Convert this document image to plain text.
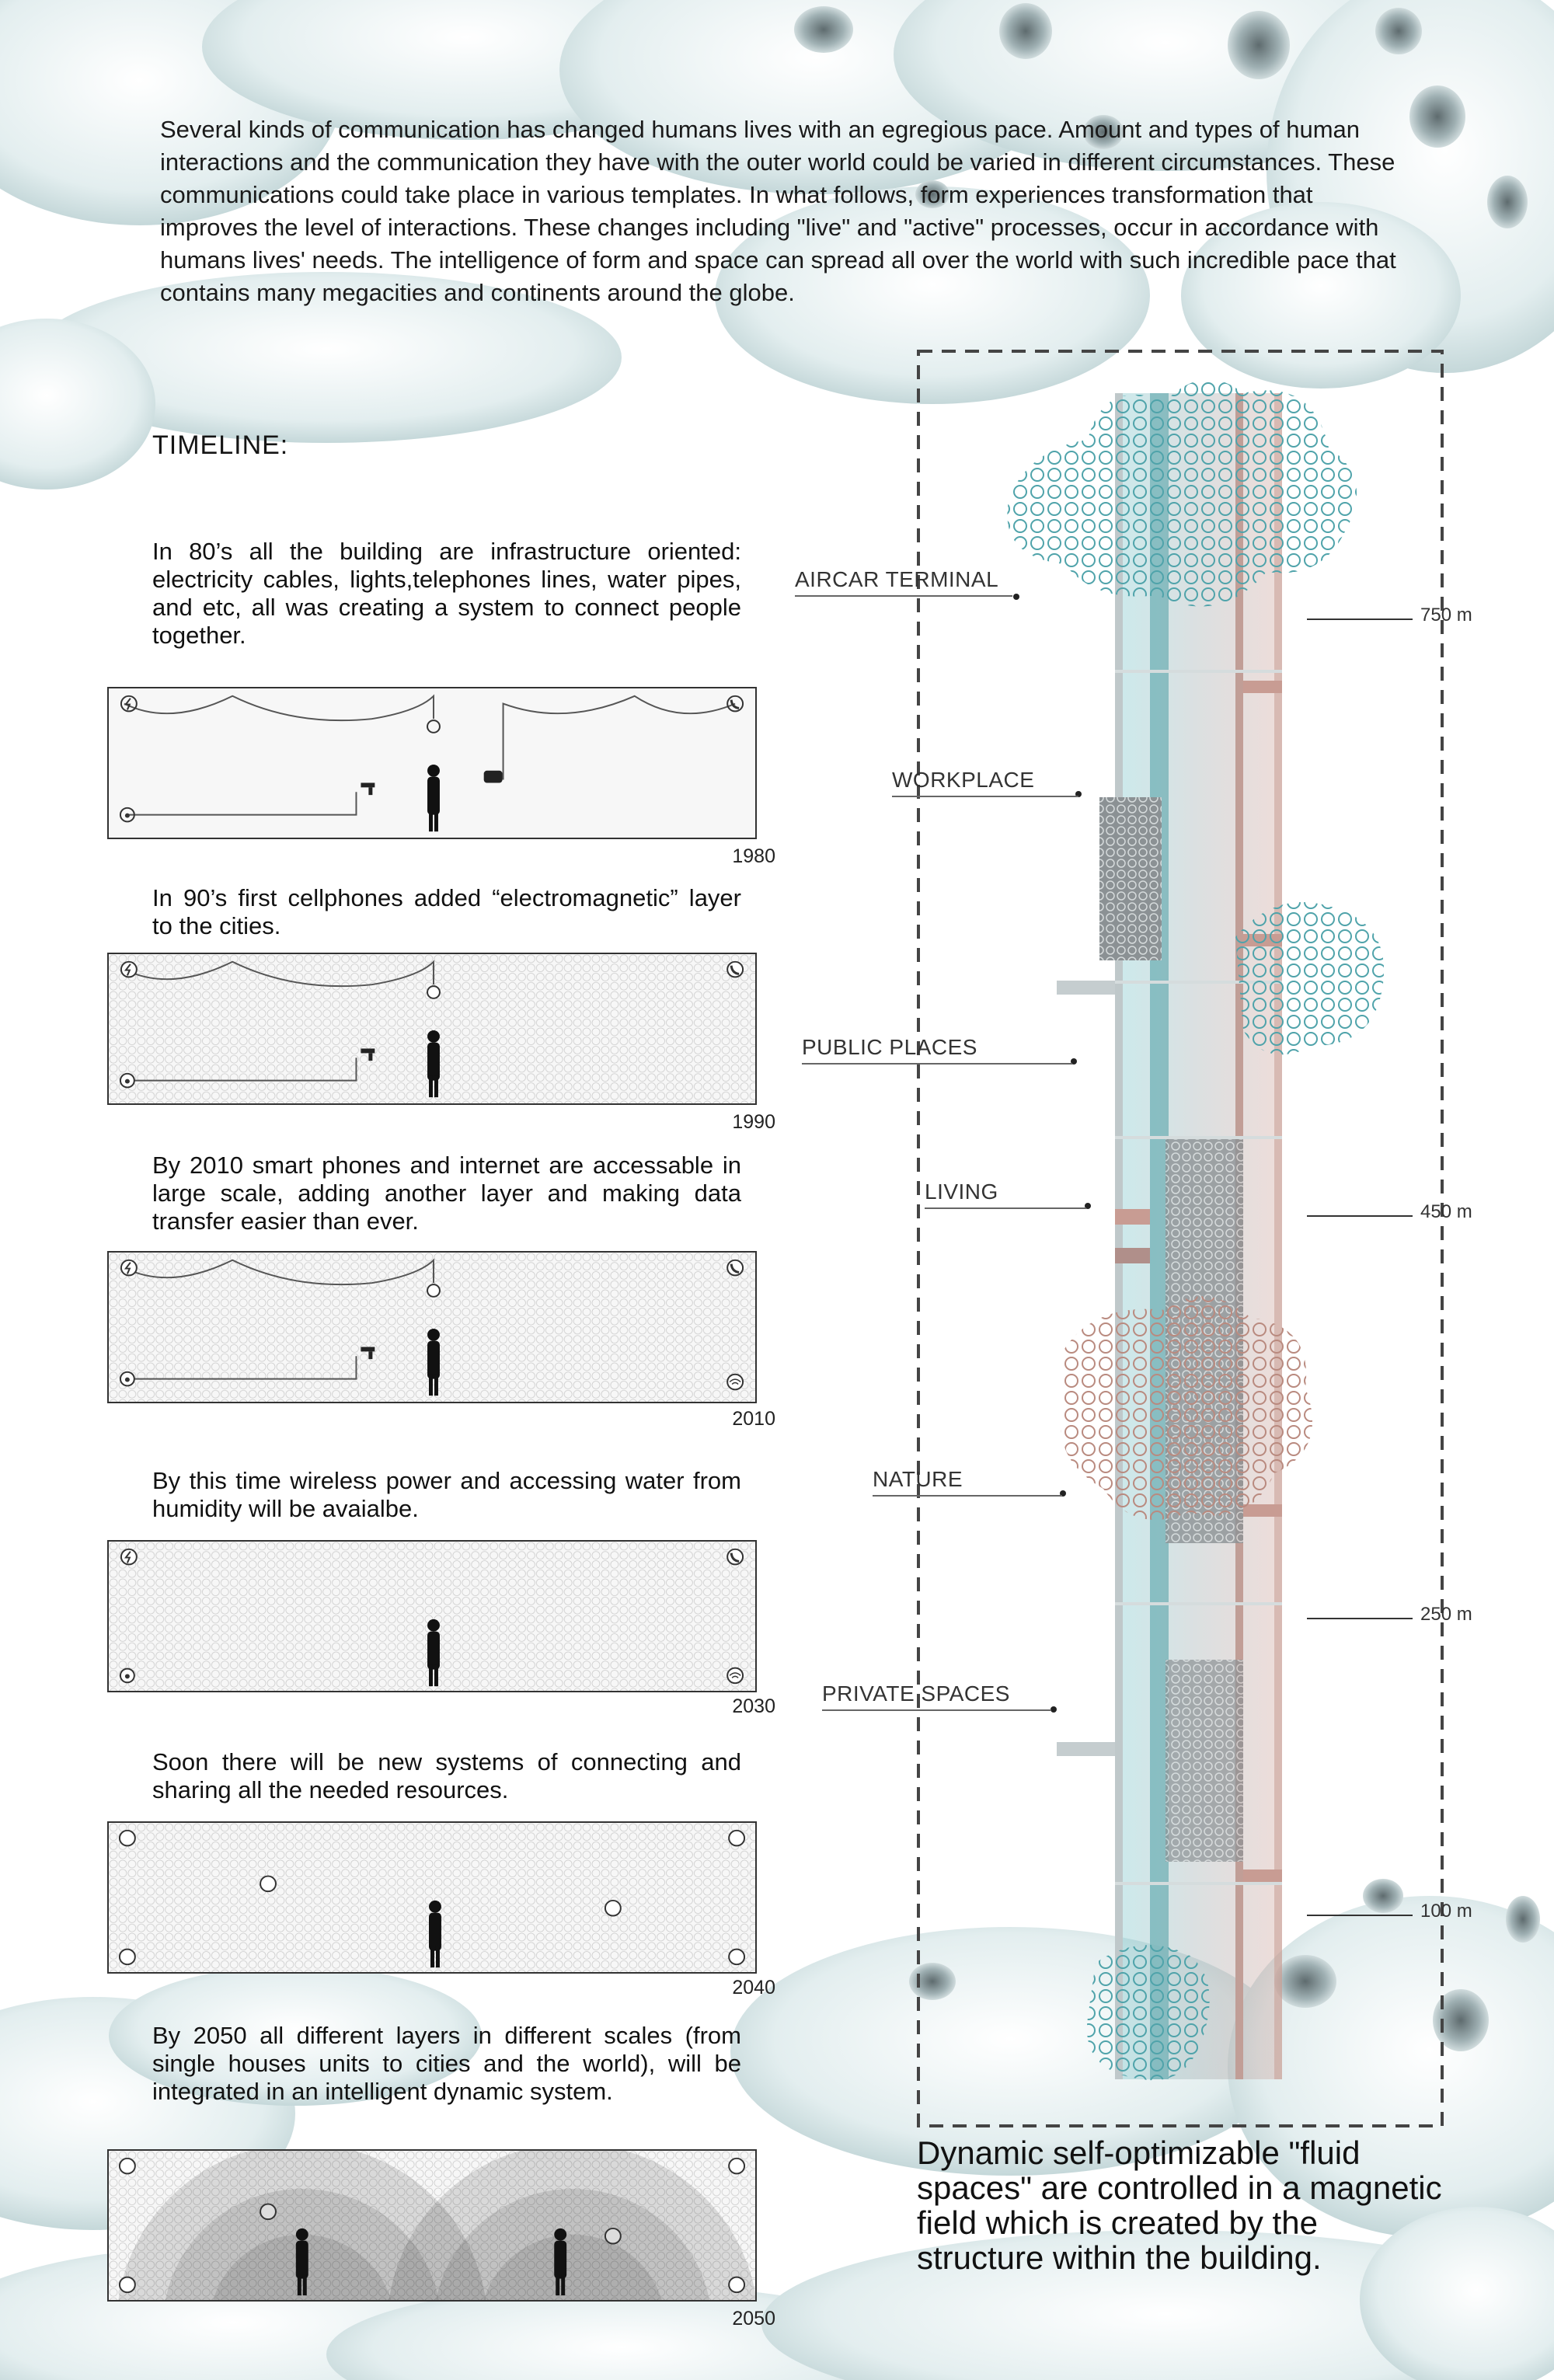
Several kinds of communication has changed humans lives with an egregious pace. Amount and types of human interactions and the communication they have with the outer world could be varied in different circumstances. These communications could take place in various templates. In what follows, form experiences transformation that improves the level of interactions. These changes including "live" and "active" processes, occur in accordance with humans lives' needs. The intelligence of form and space can spread all over the world with such incredible pace that contains many megacities and continents around the globe.
TIMELINE:
In 80’s all the building are infrastructure oriented: electricity cables, lights,telephones lines, water pipes, and etc, all was creating a system to connect people together.
1980
In 90’s first cellphones added “electromagnetic” layer to the cities.
1990
By 2010 smart phones and internet are accessable in large scale, adding another layer and making data transfer easier than ever.
2010
By this time wireless power and accessing water from humidity will be avaialbe.
2030
Soon there will be new systems of connecting and sharing all the needed resources.
2040
By 2050 all different layers in different scales (from single houses units to cities and the world), will be integrated in an intelligent dynamic system.
2050
AIRCAR TERMINAL
WORKPLACE
PUBLIC PLACES
LIVING
NATURE
PRIVATE SPACES
750 m
450 m
250 m
100 m
Dynamic self-optimizable "fluid spaces" are controlled in a magnetic field which is created by the structure within the building.
